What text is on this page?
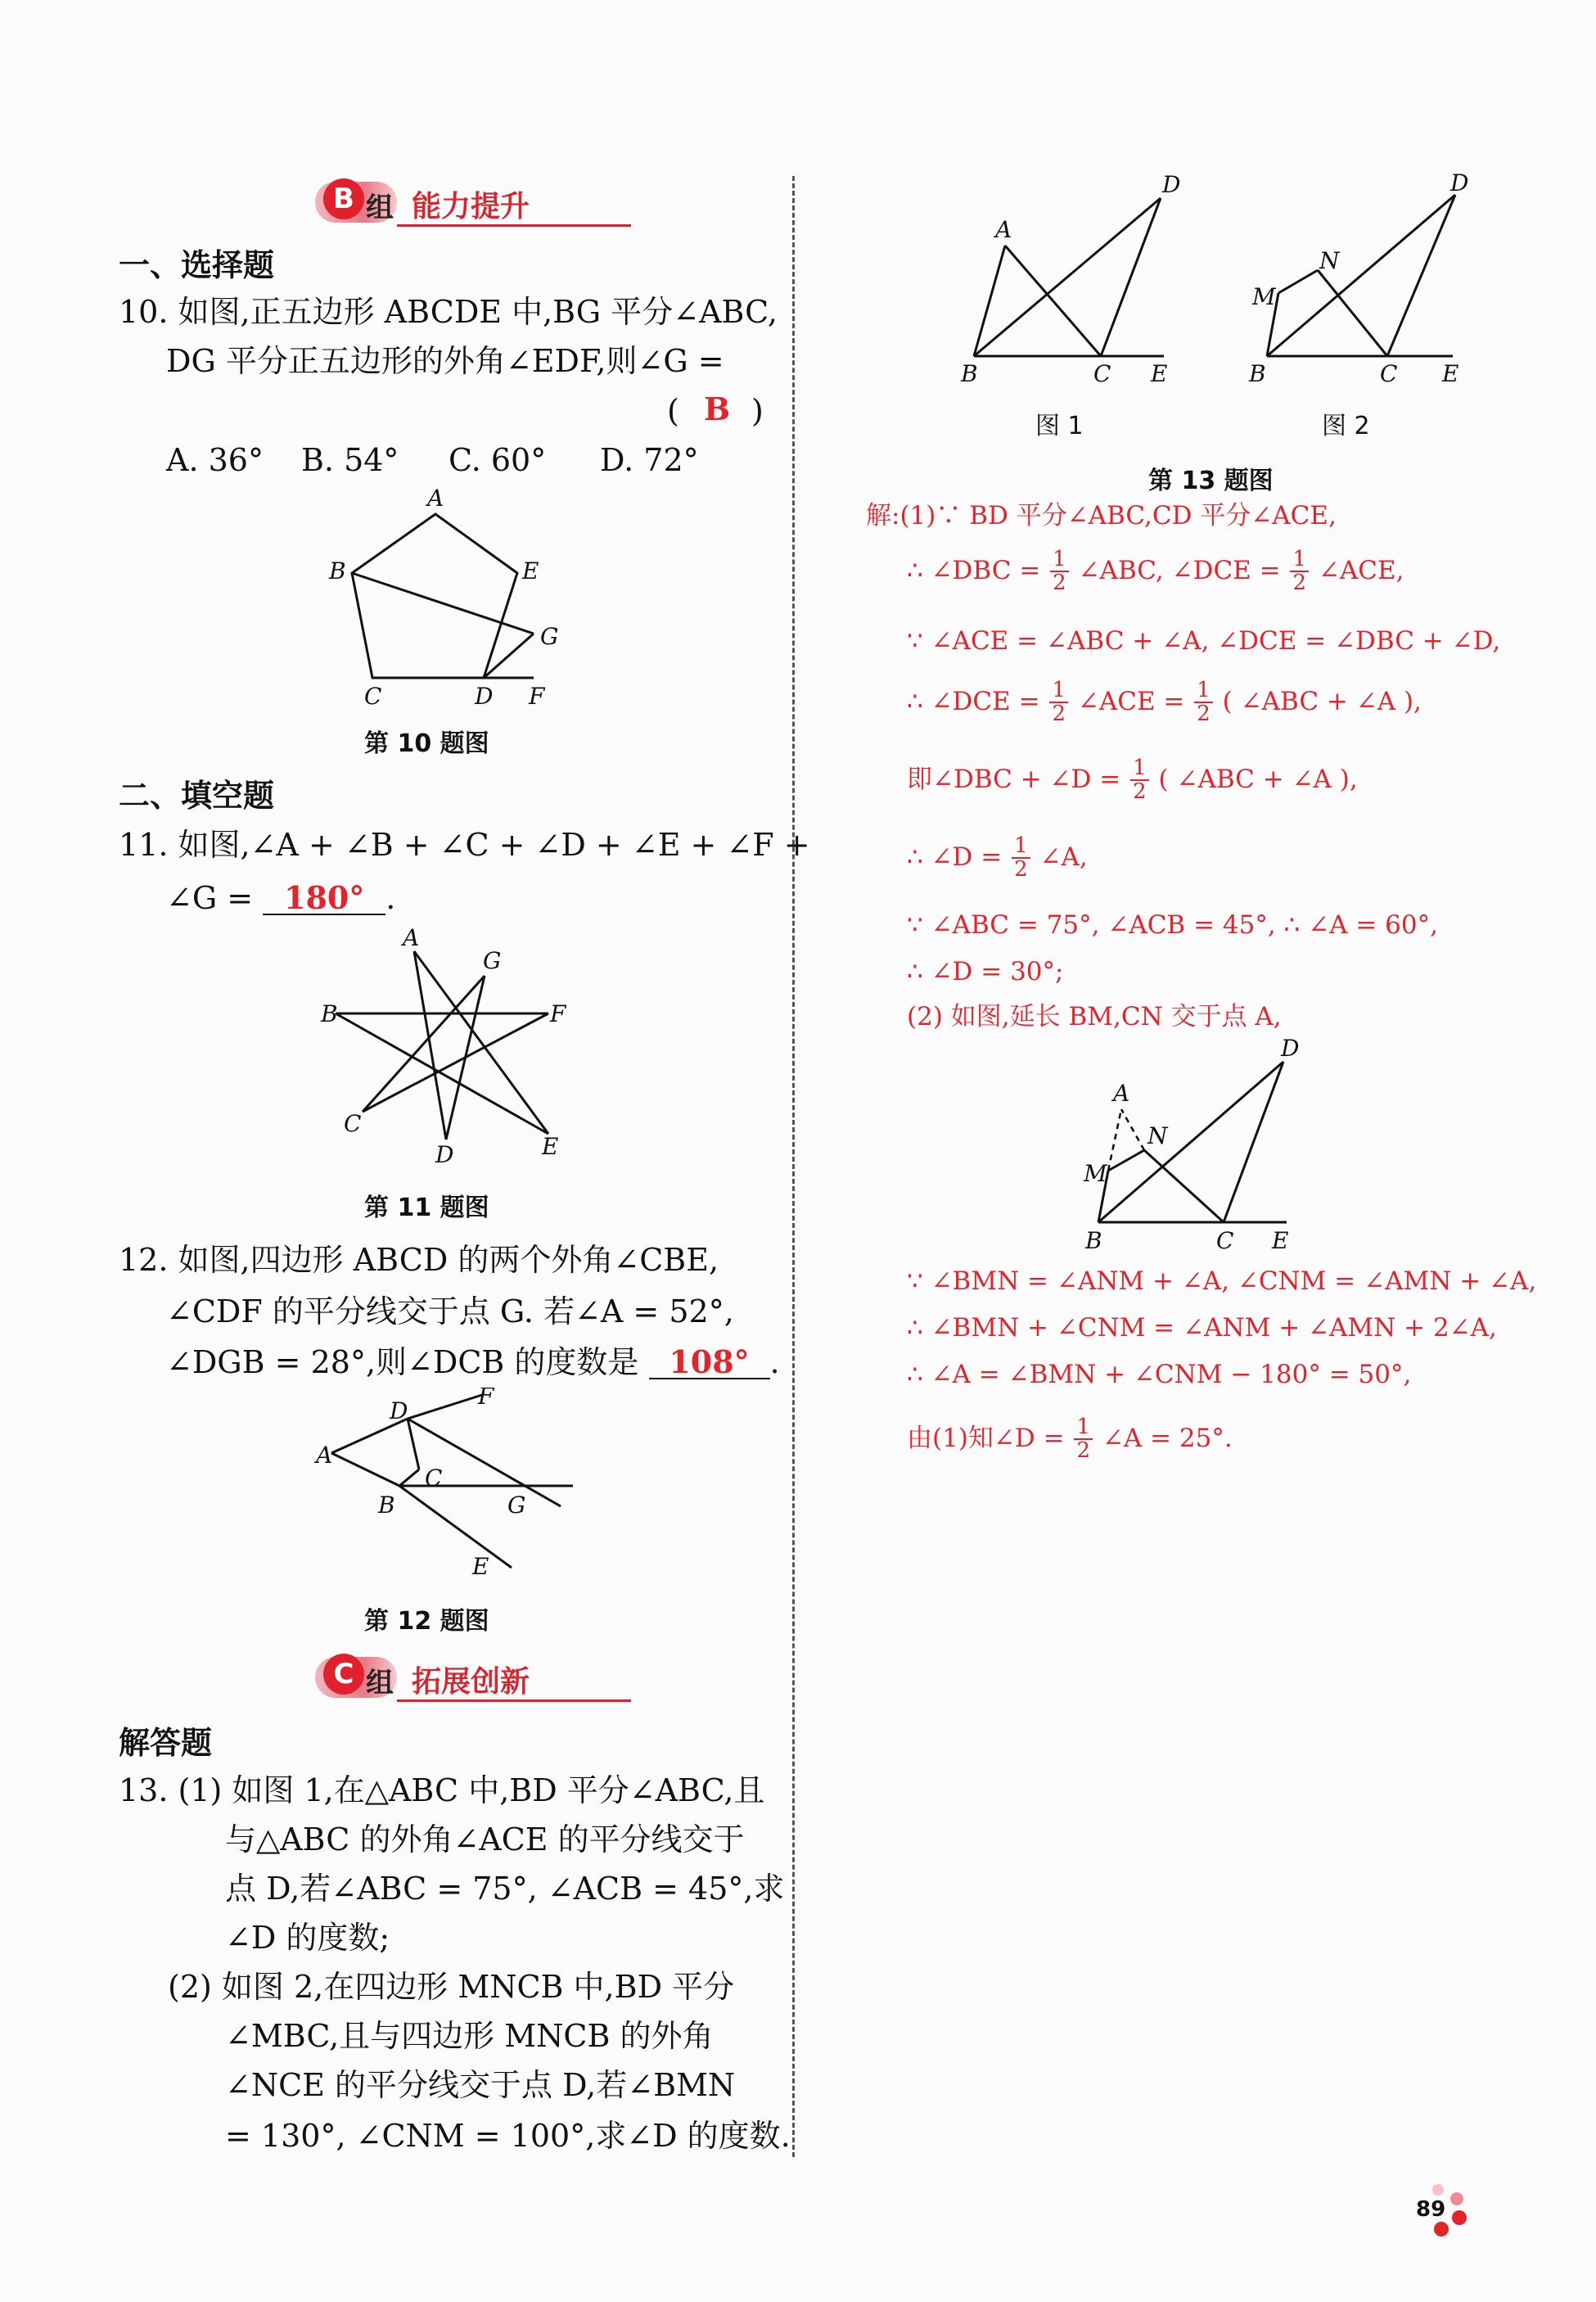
B 组 能力提升
一、选择题
10. 如图,正五边形 ABCDE 中,BG 平分∠ABC,
DG 平分正五边形的外角∠EDF,则∠G =
( B )
A. 36° B. 54° C. 60° D. 72°
A
B	E
G
C	D F
第 10 题图
二、填空题
11. 如图,∠A + ∠B + ∠C + ∠D + ∠E + ∠F +
∠G = 180° .
A
G
B	F
C
E
D
第 11 题图
12. 如图,四边形 ABCD 的两个外角∠CBE,
∠CDF 的平分线交于点 G. 若∠A = 52°,
∠DGB = 28°,则∠DCB 的度数是 108° .
D
F
A
C
B	G
E
第 12 题图
C 组 拓展创新
解答题
13. (1) 如图 1,在△ABC 中,BD 平分∠ABC,且
与△ABC 的外角∠ACE 的平分线交于
点 D,若∠ABC = 75°, ∠ACB = 45°,求
∠D 的度数;
(2) 如图 2,在四边形 MNCB 中,BD 平分
∠MBC,且与四边形 MNCB 的外角
∠NCE 的平分线交于点 D,若∠BMN
= 130°, ∠CNM = 100°,求∠D 的度数.
D
A
B	C E
D
N
M
B	C E
图 1	图 2
第 13 题图
解:(1)∵ BD 平分∠ABC,CD 平分∠ACE,
∴ ∠DBC = $\frac{1}{2}$ ∠ABC, ∠DCE = $\frac{1}{2}$ ∠ACE,
∵ ∠ACE = ∠ABC + ∠A, ∠DCE = ∠DBC + ∠D,
∴ ∠DCE = $\frac{1}{2}$ ∠ACE = $\frac{1}{2}$ ( ∠ABC + ∠A ),
即∠DBC + ∠D = $\frac{1}{2}$ ( ∠ABC + ∠A ),
∴ ∠D = $\frac{1}{2}$ ∠A,
∵ ∠ABC = 75°, ∠ACB = 45°, ∴ ∠A = 60°,
∴ ∠D = 30°;
(2) 如图,延长 BM,CN 交于点 A,
D
A
N
M
B	C E
∵ ∠BMN = ∠ANM + ∠A, ∠CNM = ∠AMN + ∠A,
∴ ∠BMN + ∠CNM = ∠ANM + ∠AMN + 2∠A,
∴ ∠A = ∠BMN + ∠CNM − 180° = 50°,
由(1)知∠D = $\frac{1}{2}$ ∠A = 25°.
89
